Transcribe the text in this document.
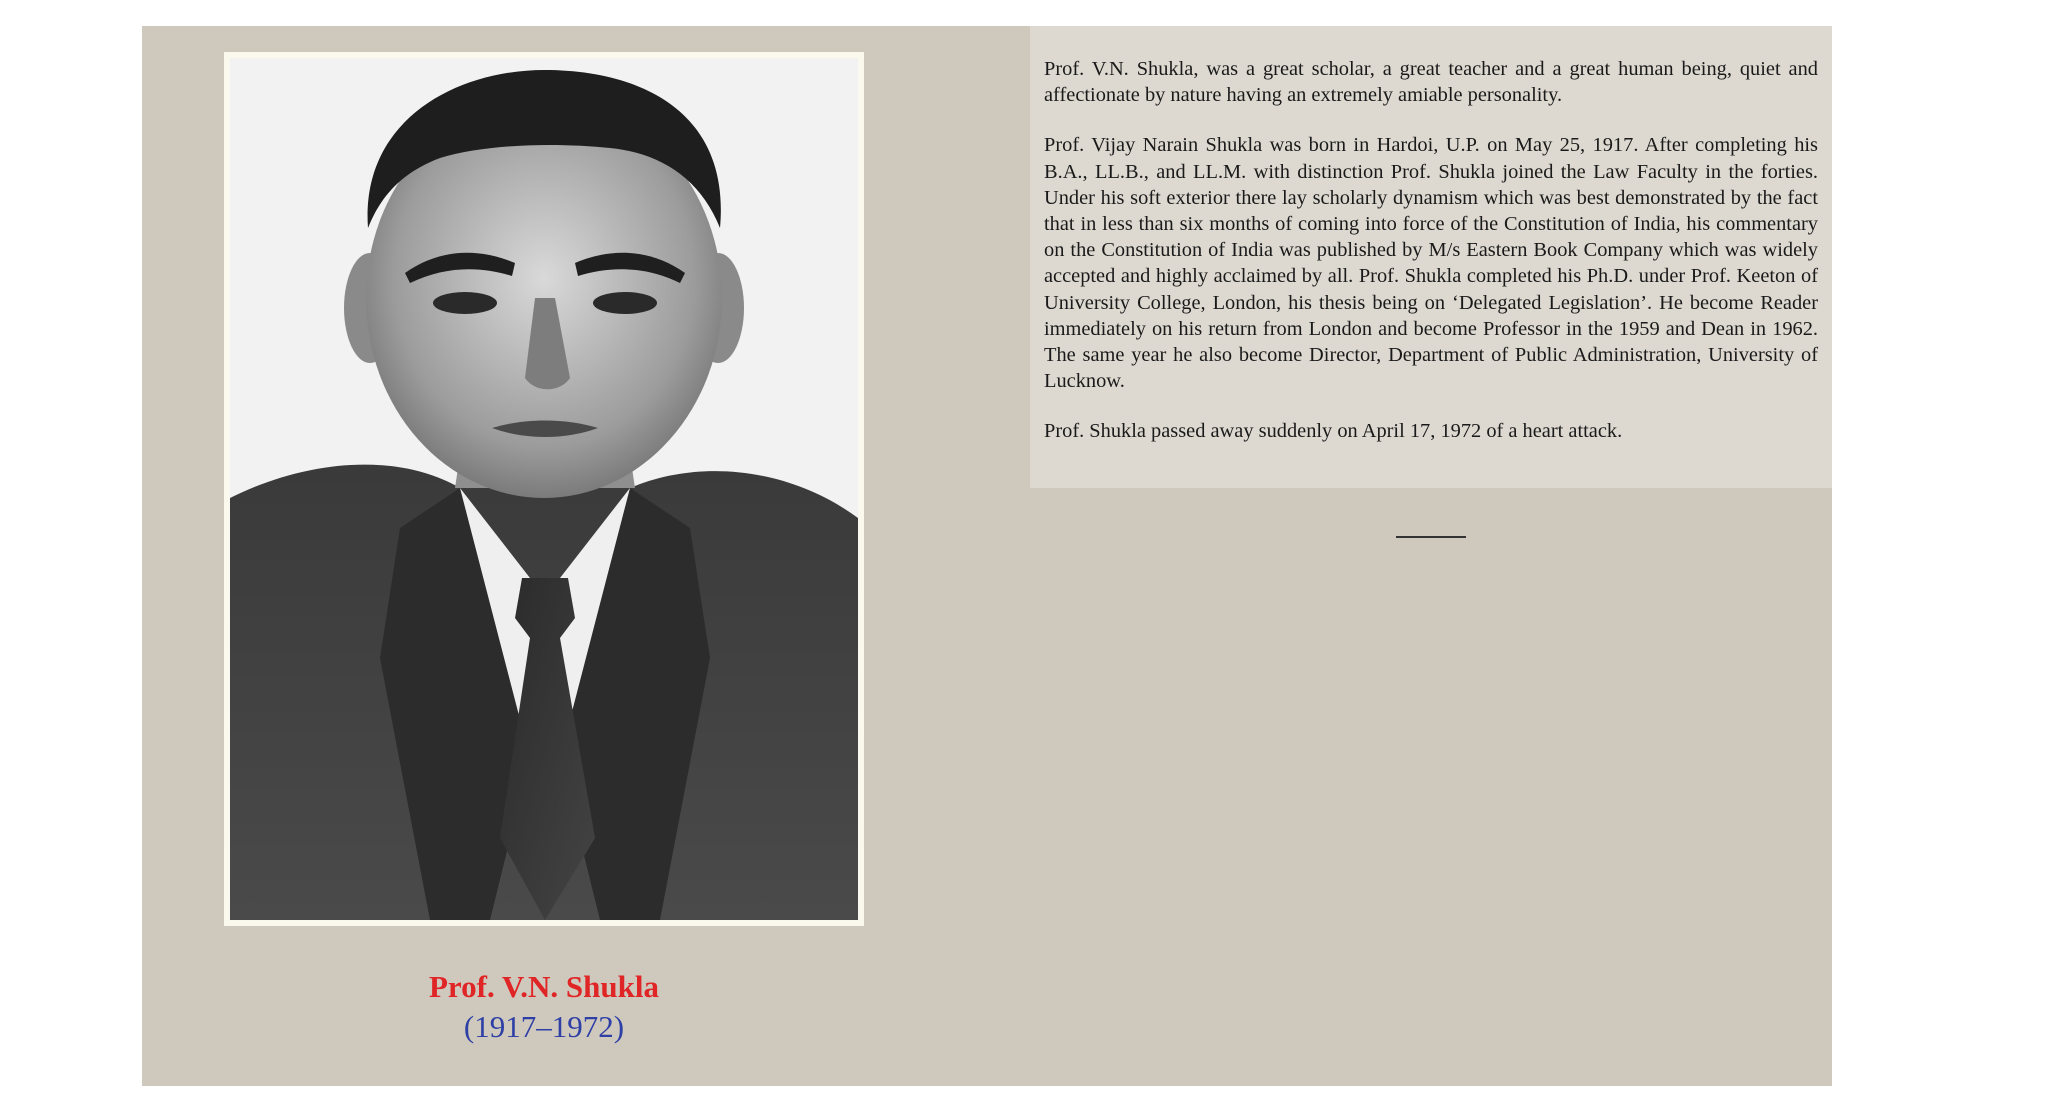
Prof. V.N. Shukla
(1917–1972)

Prof. V.N. Shukla, was a great scholar, a great teacher and a great human being, quiet and affectionate by nature having an extremely amiable personality.

Prof. Vijay Narain Shukla was born in Hardoi, U.P. on May 25, 1917. After completing his B.A., LL.B., and LL.M. with distinction Prof. Shukla joined the Law Faculty in the forties. Under his soft exterior there lay scholarly dynamism which was best demonstrated by the fact that in less than six months of coming into force of the Constitution of India, his commentary on the Constitution of India was published by M/s Eastern Book Company which was widely accepted and highly acclaimed by all. Prof. Shukla completed his Ph.D. under Prof. Keeton of University College, London, his thesis being on ‘Delegated Legislation’. He become Reader immediately on his return from London and become Professor in the 1959 and Dean in 1962. The same year he also become Director, Department of Public Administration, University of Lucknow.

Prof. Shukla passed away suddenly on April 17, 1972 of a heart attack.
